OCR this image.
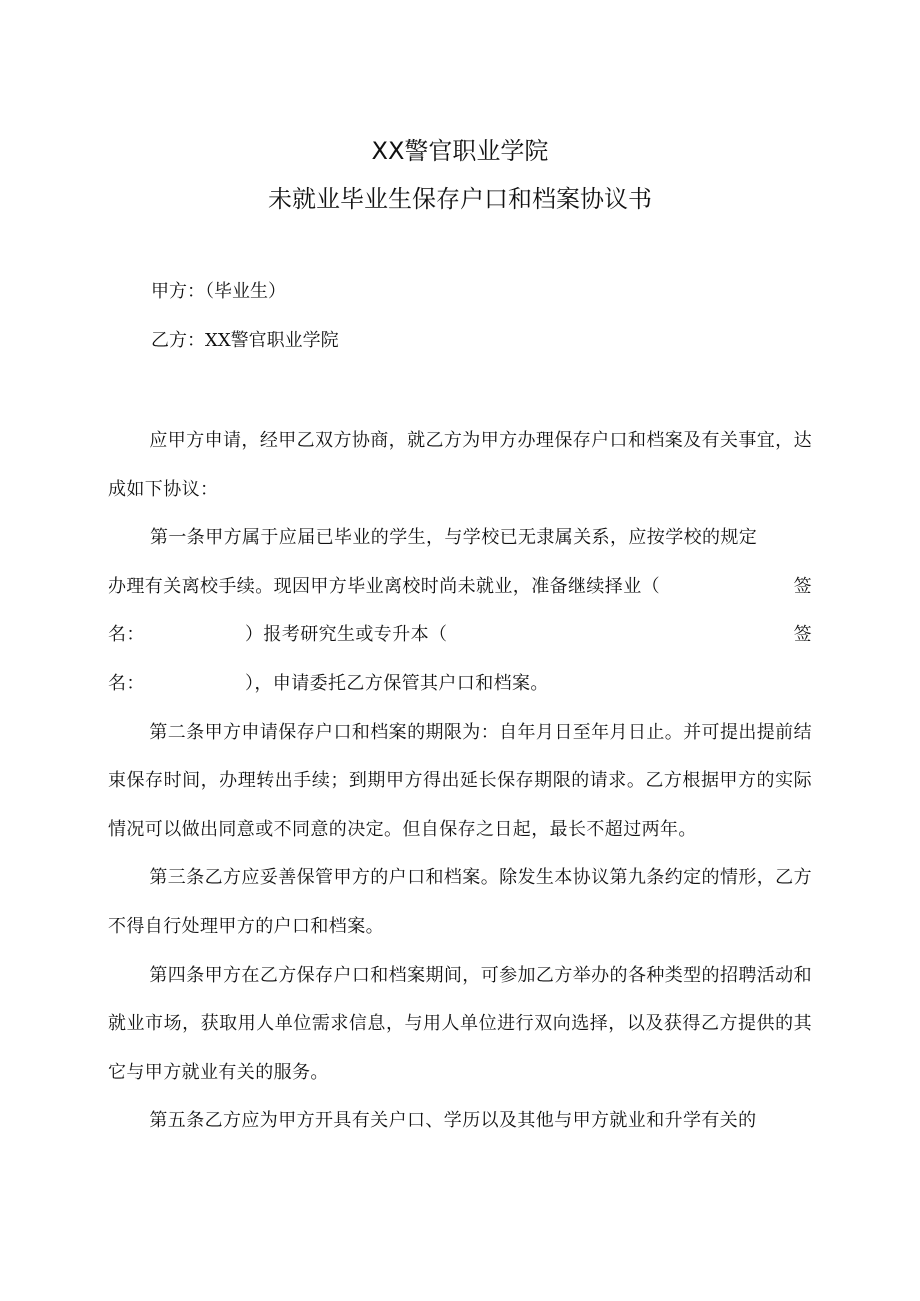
XX警官职业学院
未就业毕业生保存户口和档案协议书
甲方：（毕业生）
乙方：XX警官职业学院

应甲方申请，经甲乙双方协商，就乙方为甲方办理保存户口和档案及有关事宜，达成如下协议：

第一条甲方属于应届已毕业的学生，与学校已无隶属关系，应按学校的规定
办理有关离校手续。现因甲方毕业离校时尚未就业，准备继续择业（	签
名：	）报考研究生或专升本（	签
名：	），申请委托乙方保管其户口和档案。

第二条甲方申请保存户口和档案的期限为：自年月日至年月日止。并可提出提前结束保存时间，办理转出手续；到期甲方得出延长保存期限的请求。乙方根据甲方的实际情况可以做出同意或不同意的决定。但自保存之日起，最长不超过两年。

第三条乙方应妥善保管甲方的户口和档案。除发生本协议第九条约定的情形，乙方不得自行处理甲方的户口和档案。

第四条甲方在乙方保存户口和档案期间，可参加乙方举办的各种类型的招聘活动和就业市场，获取用人单位需求信息，与用人单位进行双向选择，以及获得乙方提供的其它与甲方就业有关的服务。

第五条乙方应为甲方开具有关户口、学历以及其他与甲方就业和升学有关的
